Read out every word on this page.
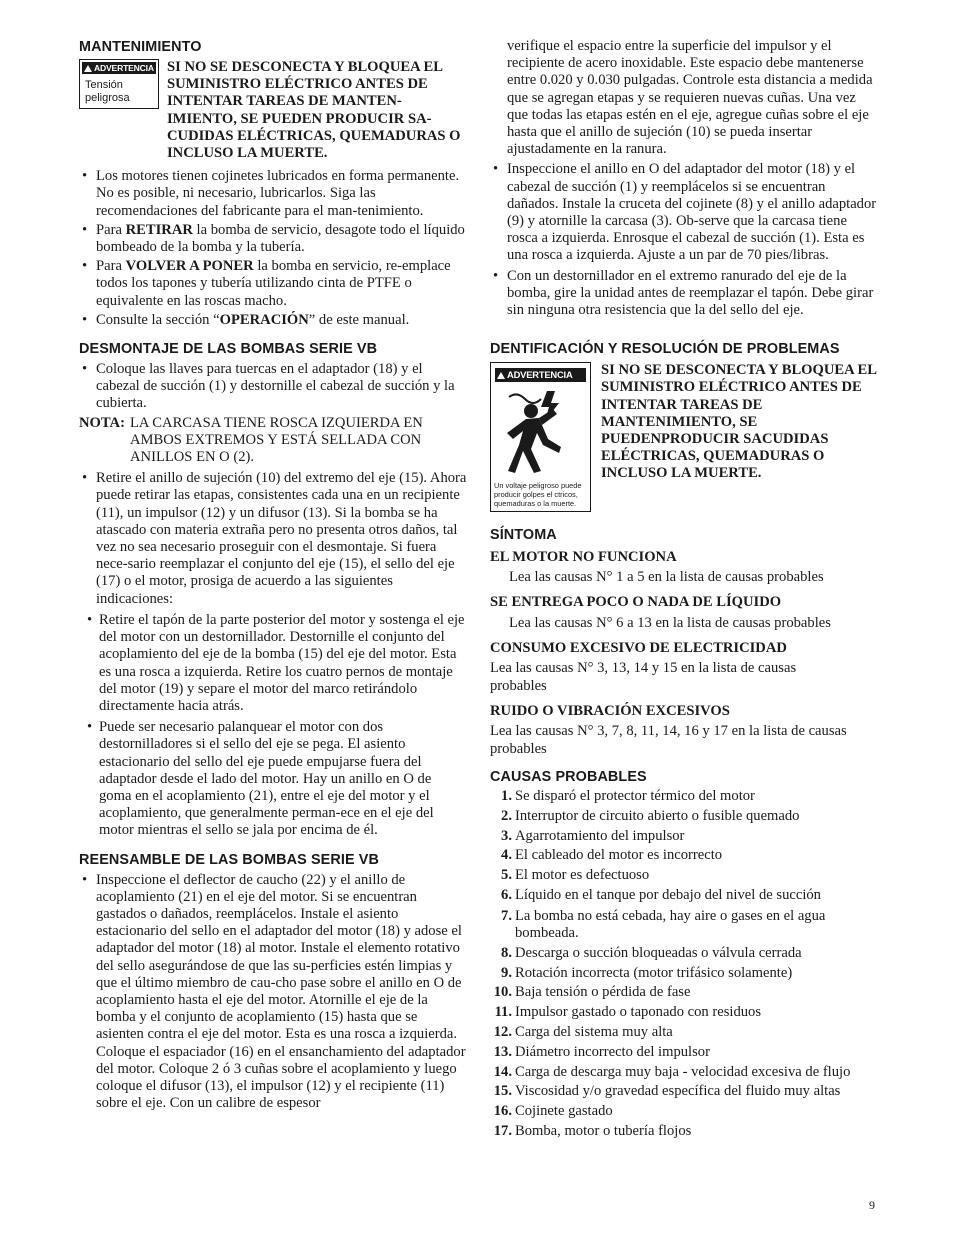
MANTENIMIENTO
ADVERTENCIA
Tensión peligrosa

SI NO SE DESCONECTA Y BLOQUEA EL SUMINISTRO ELÉCTRICO ANTES DE INTENTAR TAREAS DE MANTEN-IMIENTO, SE PUEDEN PRODUCIR SA-CUDIDAS ELÉCTRICAS, QUEMADURAS O INCLUSO LA MUERTE.

• Los motores tienen cojinetes lubricados en forma permanente. No es posible, ni necesario, lubricarlos. Siga las recomendaciones del fabricante para el man-tenimiento.
• Para RETIRAR la bomba de servicio, desagote todo el líquido bombeado de la bomba y la tubería.
• Para VOLVER A PONER la bomba en servicio, re-emplace todos los tapones y tubería utilizando cinta de PTFE o equivalente en las roscas macho.
• Consulte la sección “OPERACIÓN” de este manual.
DESMONTAJE DE LAS BOMBAS SERIE VB
• Coloque las llaves para tuercas en el adaptador (18) y el cabezal de succión (1) y destornille el cabezal de succión y la cubierta.
NOTA: LA CARCASA TIENE ROSCA IZQUIERDA EN AMBOS EXTREMOS Y ESTÁ SELLADA CON ANILLOS EN O (2).
• Retire el anillo de sujeción (10) del extremo del eje (15). Ahora puede retirar las etapas, consistentes cada una en un recipiente (11), un impulsor (12) y un difusor (13). Si la bomba se ha atascado con materia extraña pero no presenta otros daños, tal vez no sea necesario proseguir con el desmontaje. Si fuera nece-sario reemplazar el conjunto del eje (15), el sello del eje (17) o el motor, prosiga de acuerdo a las siguientes indicaciones:
• Retire el tapón de la parte posterior del motor y sostenga el eje del motor con un destornillador. Destornille el conjunto del acoplamiento del eje de la bomba (15) del eje del motor. Esta es una rosca a izquierda. Retire los cuatro pernos de montaje del motor (19) y separe el motor del marco retirándolo directamente hacia atrás.
• Puede ser necesario palanquear el motor con dos destornilladores si el sello del eje se pega. El asiento estacionario del sello del eje puede empujarse fuera del adaptador desde el lado del motor. Hay un anillo en O de goma en el acoplamiento (21), entre el eje del motor y el acoplamiento, que generalmente perman-ece en el eje del motor mientras el sello se jala por encima de él.
REENSAMBLE DE LAS BOMBAS SERIE VB
• Inspeccione el deflector de caucho (22) y el anillo de acoplamiento (21) en el eje del motor. Si se encuentran gastados o dañados, reemplácelos. Instale el asiento estacionario del sello en el adaptador del motor (18) y adose el adaptador del motor (18) al motor. Instale el elemento rotativo del sello asegurándose de que las su-perficies estén limpias y que el último miembro de cau-cho pase sobre el anillo en O de acoplamiento hasta el eje del motor. Atornille el eje de la bomba y el conjunto de acoplamiento (15) hasta que se asienten contra el eje del motor. Esta es una rosca a izquierda. Coloque el espaciador (16) en el ensanchamiento del adaptador del motor. Coloque 2 ó 3 cuñas sobre el acoplamiento y luego coloque el difusor (13), el impulsor (12) y el recipiente (11) sobre el eje. Con un calibre de espesor

verifique el espacio entre la superficie del impulsor y el recipiente de acero inoxidable. Este espacio debe mantenerse entre 0.020 y 0.030 pulgadas. Controle esta distancia a medida que se agregan etapas y se requieren nuevas cuñas. Una vez que todas las etapas estén en el eje, agregue cuñas sobre el eje hasta que el anillo de sujeción (10) se pueda insertar ajustadamente en la ranura.

• Inspeccione el anillo en O del adaptador del motor (18) y el cabezal de succión (1) y reemplácelos si se encuentran dañados. Instale la cruceta del cojinete (8) y el anillo adaptador (9) y atornille la carcasa (3). Ob-serve que la carcasa tiene rosca a izquierda. Enrosque el cabezal de succión (1). Esta es una rosca a izquierda. Ajuste a un par de 70 pies/libras.
• Con un destornillador en el extremo ranurado del eje de la bomba, gire la unidad antes de reemplazar el tapón. Debe girar sin ninguna otra resistencia que la del sello del eje.
DENTIFICACIÓN Y RESOLUCIÓN DE PROBLEMAS
ADVERTENCIA
Un voltaje peligroso puede producir golpes el ctricos, quemaduras o la muerte.

SI NO SE DESCONECTA Y BLOQUEA EL SUMINISTRO ELÉCTRICO ANTES DE INTENTAR TAREAS DE MANTENIMIENTO, SE PUEDENPRODUCIR SACUDIDAS ELÉCTRICAS, QUEMADURAS O INCLUSO LA MUERTE.

SÍNTOMA
EL MOTOR NO FUNCIONA
Lea las causas N° 1 a 5 en la lista de causas probables
SE ENTREGA POCO O NADA DE LÍQUIDO
Lea las causas N° 6 a 13 en la lista de causas probables
CONSUMO EXCESIVO DE ELECTRICIDAD
Lea las causas N° 3, 13, 14 y 15 en la lista de causas probables
RUIDO O VIBRACIÓN EXCESIVOS
Lea las causas N° 3, 7, 8, 11, 14, 16 y 17 en la lista de causas probables
CAUSAS PROBABLES
1. Se disparó el protector térmico del motor
2. Interruptor de circuito abierto o fusible quemado
3. Agarrotamiento del impulsor
4. El cableado del motor es incorrecto
5. El motor es defectuoso
6. Líquido en el tanque por debajo del nivel de succión
7. La bomba no está cebada, hay aire o gases en el agua bombeada.
8. Descarga o succión bloqueadas o válvula cerrada
9. Rotación incorrecta (motor trifásico solamente)
10. Baja tensión o pérdida de fase
11. Impulsor gastado o taponado con residuos
12. Carga del sistema muy alta
13. Diámetro incorrecto del impulsor
14. Carga de descarga muy baja - velocidad excesiva de flujo
15. Viscosidad y/o gravedad específica del fluido muy altas
16. Cojinete gastado
17. Bomba, motor o tubería flojos
9
